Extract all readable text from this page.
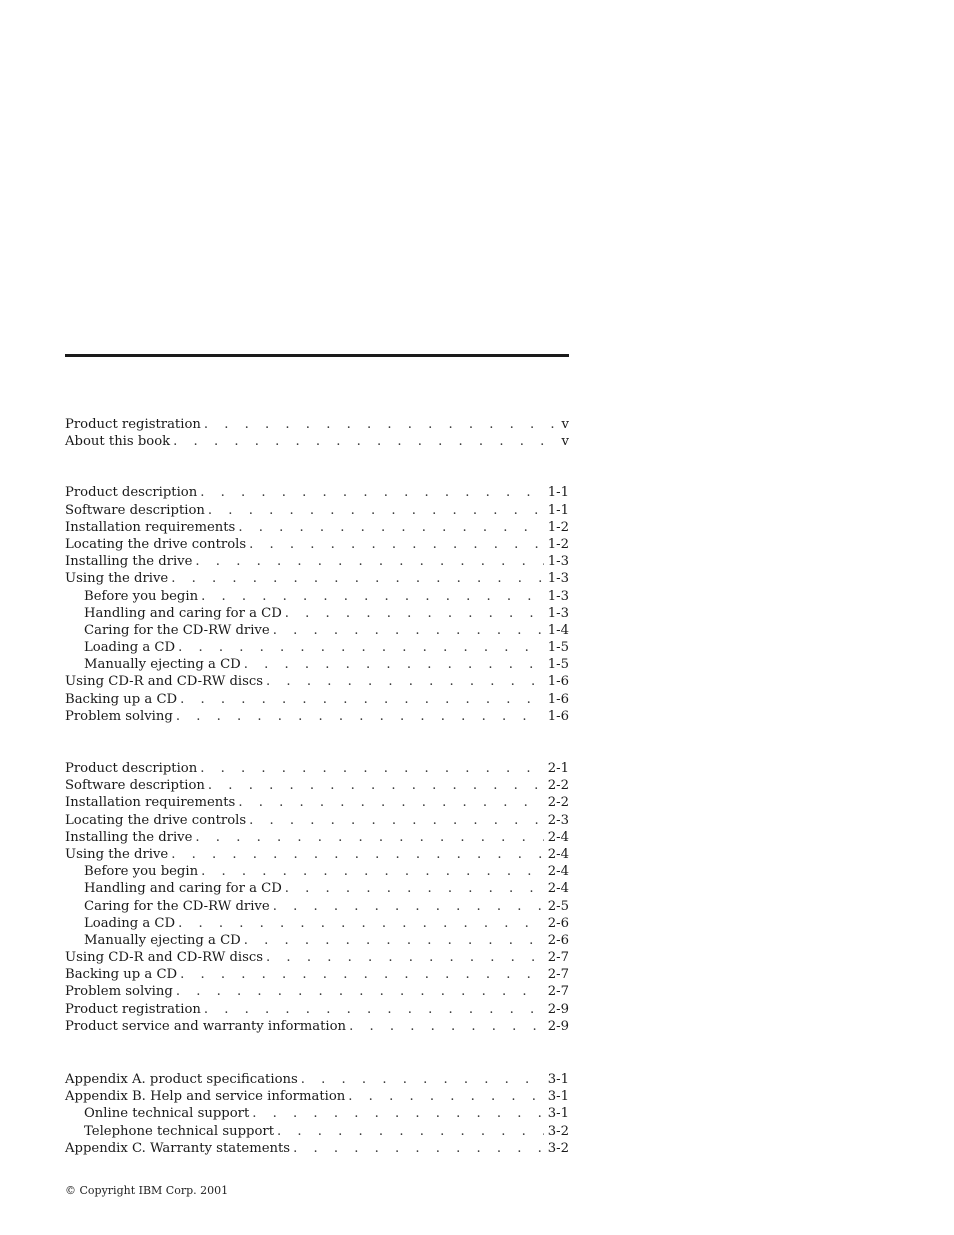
Product registration . . .	v
About this book . . .	v
Product description . . .	1-1
Software description . . .	1-1
Installation requirements . . .	1-2
Locating the drive controls . . .	1-2
Installing the drive . . .	1-3
Using the drive . . .	1-3
Before you begin . . .	1-3
Handling and caring for a CD . . .	1-3
Caring for the CD-RW drive . . .	1-4
Loading a CD . . .	1-5
Manually ejecting a CD . . .	1-5
Using CD-R and CD-RW discs . . .	1-6
Backing up a CD . . .	1-6
Problem solving . . .	1-6
Product description . . .	2-1
Software description . . .	2-2
Installation requirements . . .	2-2
Locating the drive controls . . .	2-3
Installing the drive . . .	2-4
Using the drive . . .	2-4
Before you begin . . .	2-4
Handling and caring for a CD . . .	2-4
Caring for the CD-RW drive . . .	2-5
Loading a CD . . .	2-6
Manually ejecting a CD . . .	2-6
Using CD-R and CD-RW discs . . .	2-7
Backing up a CD . . .	2-7
Problem solving . . .	2-7
Product registration . . .	2-9
Product service and warranty information . . .	2-9
Appendix A. product specifications . . .	3-1
Appendix B. Help and service information . . .	3-1
Online technical support . . .	3-1
Telephone technical support . . .	3-2
Appendix C. Warranty statements . . .	3-2
© Copyright IBM Corp. 2001
